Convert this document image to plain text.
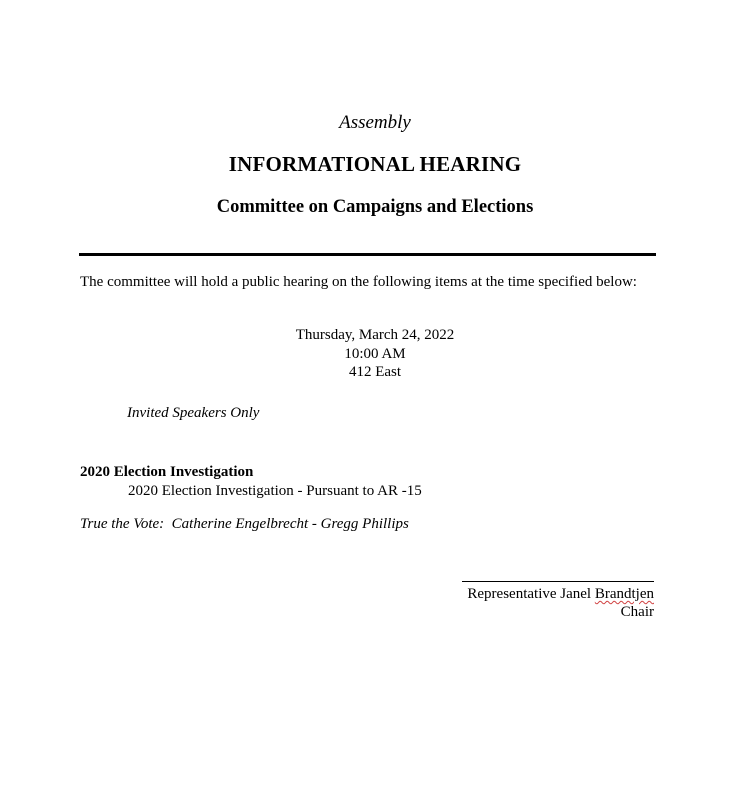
Assembly
INFORMATIONAL HEARING
Committee on Campaigns and Elections
The committee will hold a public hearing on the following items at the time specified below:
Thursday, March 24, 2022
10:00 AM
412 East
Invited Speakers Only
2020 Election Investigation
2020 Election Investigation - Pursuant to AR -15
True the Vote:  Catherine Engelbrecht - Gregg Phillips
Representative Janel Brandtjen
Chair
